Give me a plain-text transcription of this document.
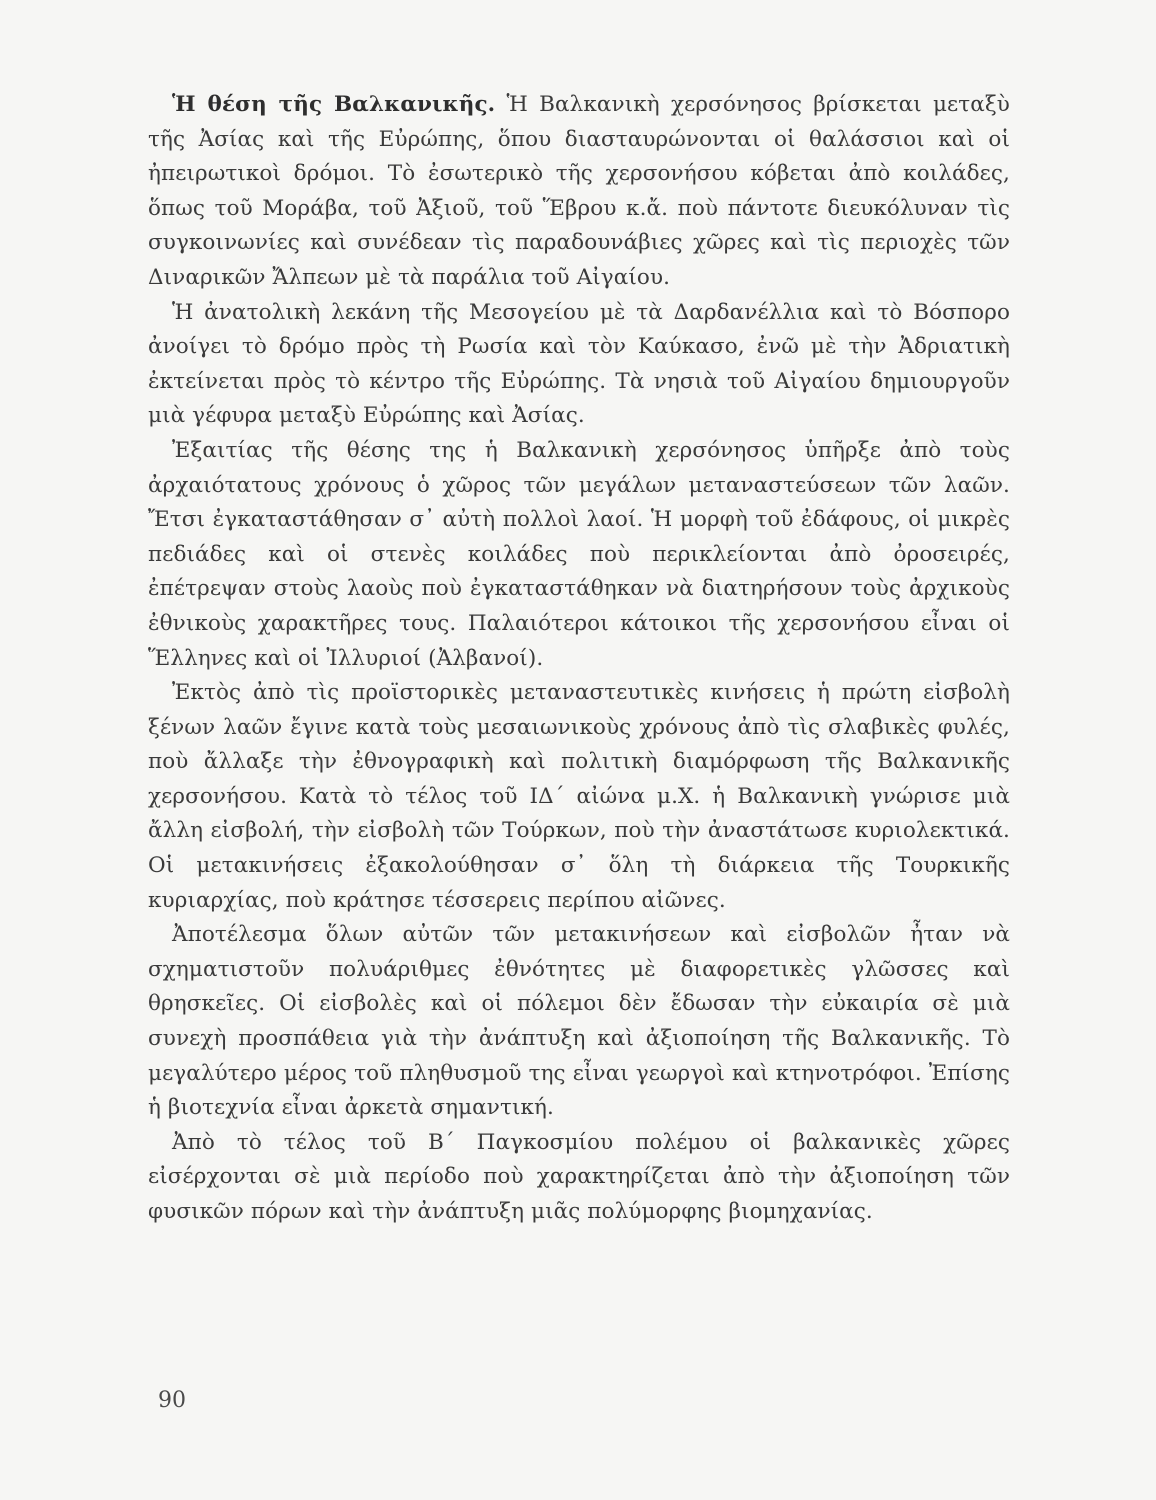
Ἡ θέση τῆς Βαλκανικῆς. Ἡ Βαλκανικὴ χερσόνησος βρίσκεται μεταξὺ τῆς Ἀσίας καὶ τῆς Εὐρώπης, ὅπου διασταυρώνονται οἱ θαλάσσιοι καὶ οἱ ἠπειρωτικοὶ δρόμοι. Τὸ ἐσωτερικὸ τῆς χερσονήσου κόβεται ἀπὸ κοιλάδες, ὅπως τοῦ Μοράβα, τοῦ Ἀξιοῦ, τοῦ Ἕβρου κ.ἄ. ποὺ πάντοτε διευκόλυναν τὶς συγκοινωνίες καὶ συνέδεαν τὶς παραδουνάβιες χῶρες καὶ τὶς περιοχὲς τῶν Διναρικῶν Ἄλπεων μὲ τὰ παράλια τοῦ Αἰγαίου.

Ἡ ἀνατολικὴ λεκάνη τῆς Μεσογείου μὲ τὰ Δαρδανέλλια καὶ τὸ Βόσπορο ἀνοίγει τὸ δρόμο πρὸς τὴ Ρωσία καὶ τὸν Καύκασο, ἐνῶ μὲ τὴν Ἀδριατικὴ ἐκτείνεται πρὸς τὸ κέντρο τῆς Εὐρώπης. Τὰ νησιὰ τοῦ Αἰγαίου δημιουργοῦν μιὰ γέφυρα μεταξὺ Εὐρώπης καὶ Ἀσίας.

Ἐξαιτίας τῆς θέσης της ἡ Βαλκανικὴ χερσόνησος ὑπῆρξε ἀπὸ τοὺς ἀρχαιότατους χρόνους ὁ χῶρος τῶν μεγάλων μεταναστεύσεων τῶν λαῶν. Ἔτσι ἐγκαταστάθησαν σ᾽ αὐτὴ πολλοὶ λαοί. Ἡ μορφὴ τοῦ ἐδάφους, οἱ μικρὲς πεδιάδες καὶ οἱ στενὲς κοιλάδες ποὺ περικλείονται ἀπὸ ὀροσειρές, ἐπέτρεψαν στοὺς λαοὺς ποὺ ἐγκαταστάθηκαν νὰ διατηρήσουν τοὺς ἀρχικοὺς ἐθνικοὺς χαρακτῆρες τους. Παλαιότεροι κάτοικοι τῆς χερσονήσου εἶναι οἱ Ἕλληνες καὶ οἱ Ἰλλυριοί (Ἀλβανοί).

Ἐκτὸς ἀπὸ τὶς προϊστορικὲς μεταναστευτικὲς κινήσεις ἡ πρώτη εἰσβολὴ ξένων λαῶν ἔγινε κατὰ τοὺς μεσαιωνικοὺς χρόνους ἀπὸ τὶς σλαβικὲς φυλές, ποὺ ἄλλαξε τὴν ἐθνογραφικὴ καὶ πολιτικὴ διαμόρφωση τῆς Βαλκανικῆς χερσονήσου. Κατὰ τὸ τέλος τοῦ ΙΔ΄ αἰώνα μ.Χ. ἡ Βαλκανικὴ γνώρισε μιὰ ἄλλη εἰσβολή, τὴν εἰσβολὴ τῶν Τούρκων, ποὺ τὴν ἀναστάτωσε κυριολεκτικά. Οἱ μετακινήσεις ἐξακολούθησαν σ᾽ ὅλη τὴ διάρκεια τῆς Τουρκικῆς κυριαρχίας, ποὺ κράτησε τέσσερεις περίπου αἰῶνες.

Ἀποτέλεσμα ὅλων αὐτῶν τῶν μετακινήσεων καὶ εἰσβολῶν ἦταν νὰ σχηματιστοῦν πολυάριθμες ἐθνότητες μὲ διαφορετικὲς γλῶσσες καὶ θρησκεῖες. Οἱ εἰσβολὲς καὶ οἱ πόλεμοι δὲν ἔδωσαν τὴν εὐκαιρία σὲ μιὰ συνεχὴ προσπάθεια γιὰ τὴν ἀνάπτυξη καὶ ἀξιοποίηση τῆς Βαλκανικῆς. Τὸ μεγαλύτερο μέρος τοῦ πληθυσμοῦ της εἶναι γεωργοὶ καὶ κτηνοτρόφοι. Ἐπίσης ἡ βιοτεχνία εἶναι ἀρκετὰ σημαντική.

Ἀπὸ τὸ τέλος τοῦ Β΄ Παγκοσμίου πολέμου οἱ βαλκανικὲς χῶρες εἰσέρχονται σὲ μιὰ περίοδο ποὺ χαρακτηρίζεται ἀπὸ τὴν ἀξιοποίηση τῶν φυσικῶν πόρων καὶ τὴν ἀνάπτυξη μιᾶς πολύμορφης βιομηχανίας.

90
